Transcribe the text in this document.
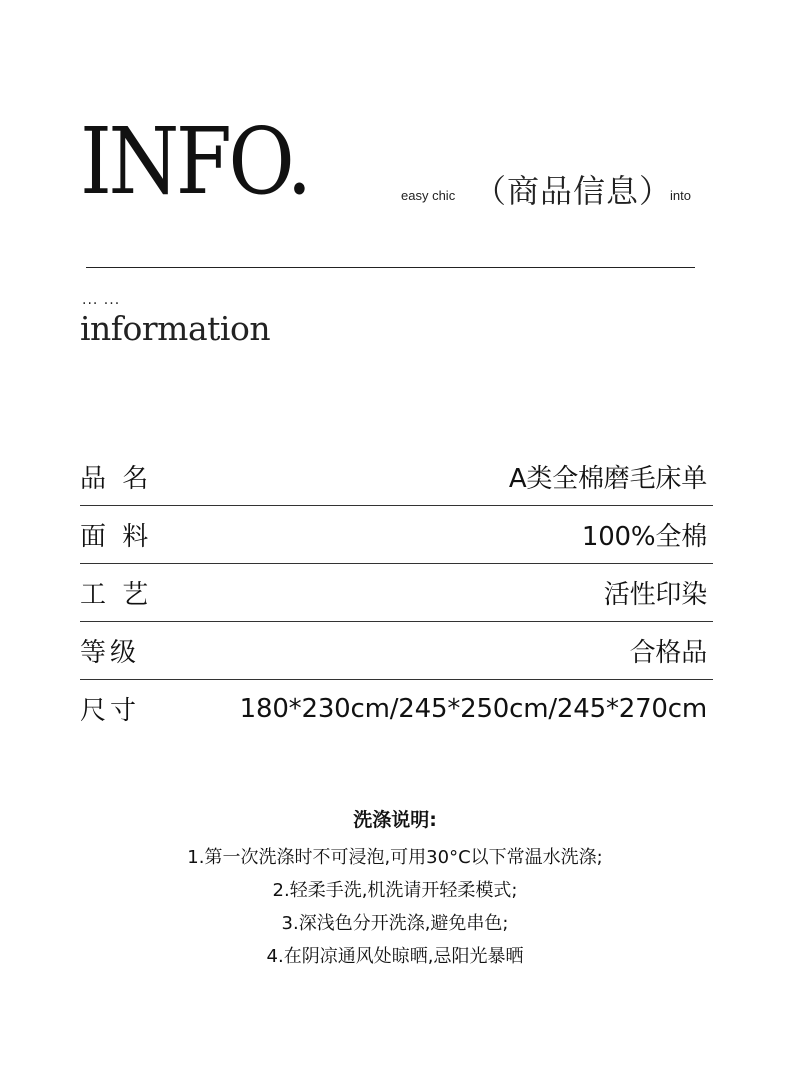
INFO.	easy chic （商品信息）
into
... ...
information
品 名	A类全棉磨毛床单
面 料	100%全棉
工 艺	活性印染
等级	合格品
尺寸	180*230cm/245*250cm/245*270cm

洗涤说明:

1.第一次洗涤时不可浸泡,可用30°C以下常温水洗涤;

2.轻柔手洗,机洗请开轻柔模式;

3.深浅色分开洗涤,避免串色;

4.在阴凉通风处晾晒,忌阳光暴晒
